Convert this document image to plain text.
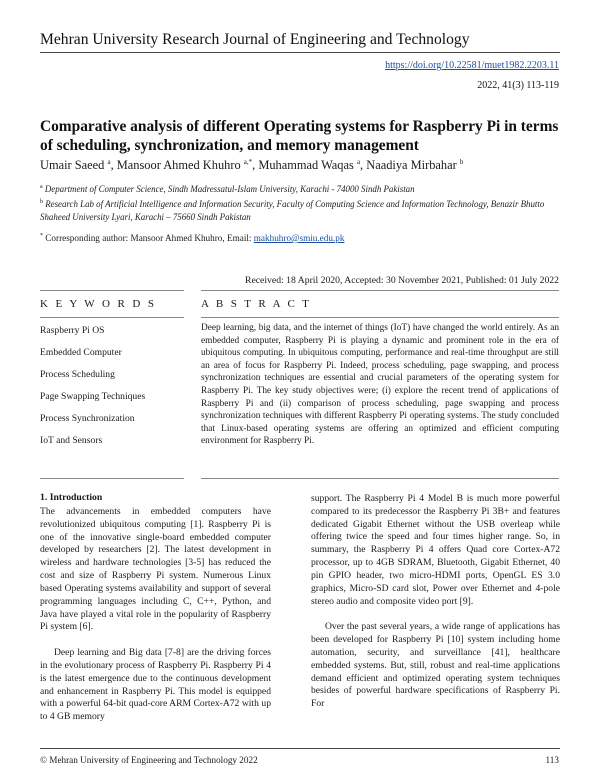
Mehran University Research Journal of Engineering and Technology
https://doi.org/10.22581/muet1982.2203.11
2022, 41(3) 113-119
Comparative analysis of different Operating systems for Raspberry Pi in terms of scheduling, synchronization, and memory management
Umair Saeed $^a$, Mansoor Ahmed Khuhro $^{a,*}$, Muhammad Waqas $^a$, Naadiya Mirbahar $^b$
$^a$ Department of Computer Science, Sindh Madressatul-Islam University, Karachi - 74000 Sindh Pakistan
$^b$ Research Lab of Artificial Intelligence and Information Security, Faculty of Computing Science and Information Technology, Benazir Bhutto Shaheed University Lyari, Karachi – 75660 Sindh Pakistan
* Corresponding author: Mansoor Ahmed Khuhro, Email: makhuhro@smiu.edu.pk
Received: 18 April 2020, Accepted: 30 November 2021, Published: 01 July 2022
K E Y W O R D S	A B S T R A C T
Raspberry Pi OS
Embedded Computer
Process Scheduling
Page Swapping Techniques
Process Synchronization
IoT and Sensors
Deep learning, big data, and the internet of things (IoT) have changed the world entirely. As an embedded computer, Raspberry Pi is playing a dynamic and prominent role in the era of ubiquitous computing. In ubiquitous computing, performance and real-time throughput are still an area of focus for Raspberry Pi. Indeed, process scheduling, page swapping, and process synchronization techniques are essential and crucial parameters of the operating system for Raspberry Pi. The key study objectives were; (i) explore the recent trend of applications of Raspberry Pi and (ii) comparison of process scheduling, page swapping and process synchronization techniques with different Raspberry Pi operating systems. The study concluded that Linux-based operating systems are offering an optimized and efficient computing environment for Raspberry Pi.
1. Introduction

The advancements in embedded computers have revolutionized ubiquitous computing [1]. Raspberry Pi is one of the innovative single-board embedded computer developed by researchers [2]. The latest development in wireless and hardware technologies [3-5] has reduced the cost and size of Raspberry Pi system. Numerous Linux based Operating systems availability and support of several programming languages including C, C++, Python, and Java have played a vital role in the popularity of Raspberry Pi system [6].

Deep learning and Big data [7-8] are the driving forces in the evolutionary process of Raspberry Pi. Raspberry Pi 4 is the latest emergence due to the continuous development and enhancement in Raspberry Pi. This model is equipped with a powerful 64-bit quad-core ARM Cortex-A72 with up to 4 GB memory

support. The Raspberry Pi 4 Model B is much more powerful compared to its predecessor the Raspberry Pi 3B+ and features dedicated Gigabit Ethernet without the USB overleap while offering twice the speed and four times higher range. So, in summary, the Raspberry Pi 4 offers Quad core Cortex-A72 processor, up to 4GB SDRAM, Bluetooth, Gigabit Ethernet, 40 pin GPIO header, two micro-HDMI ports, OpenGL ES 3.0 graphics, Micro-SD card slot, Power over Ethernet and 4-pole stereo audio and composite video port [9].

Over the past several years, a wide range of applications has been developed for Raspberry Pi [10] system including home automation, security, and surveillance [41], healthcare embedded systems. But, still, robust and real-time applications demand efficient and optimized operating system techniques besides of powerful hardware specifications of Raspberry Pi. For

© Mehran University of Engineering and Technology 2022	113
